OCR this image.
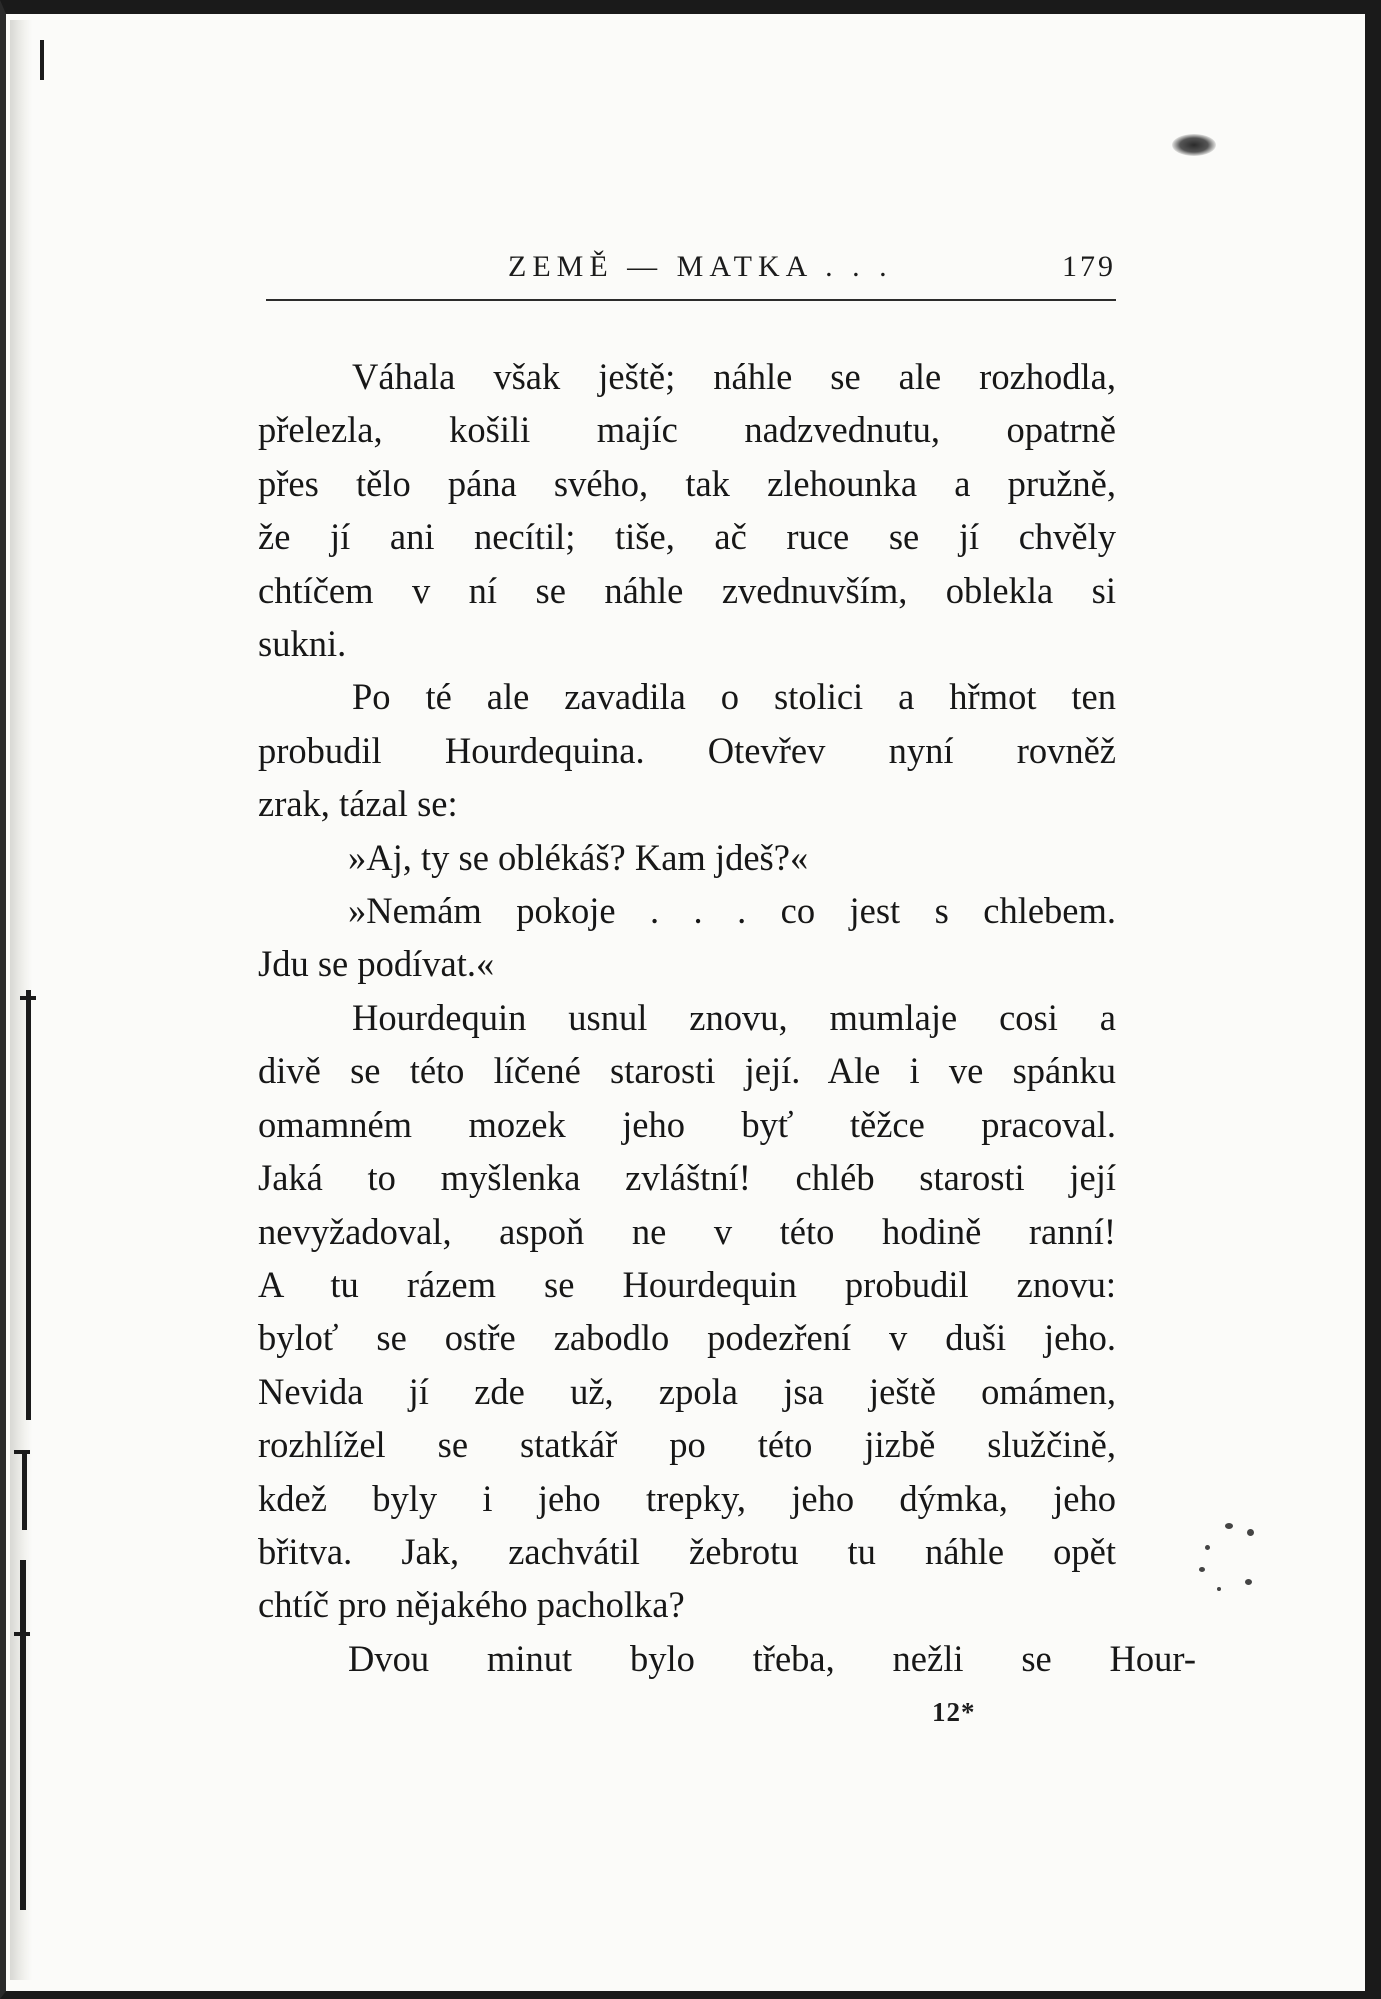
ZEMĚ — MATKA . . .	179
Váhala však ještě; náhle se ale rozhodla,
přelezla, košili majíc nadzvednutu, opatrně
přes tělo pána svého, tak zlehounka a pružně,
že jí ani necítil; tiše, ač ruce se jí chvěly
chtíčem v ní se náhle zvednuvším, oblekla si
sukni.
Po té ale zavadila o stolici a hřmot ten
probudil Hourdequina. Otevřev nyní rovněž
zrak, tázal se:
»Aj, ty se oblékáš? Kam jdeš?«
»Nemám pokoje . . . co jest s chlebem.
Jdu se podívat.«
Hourdequin usnul znovu, mumlaje cosi a
divě se této líčené starosti její. Ale i ve spánku
omamném mozek jeho byť těžce pracoval.
Jaká to myšlenka zvláštní! chléb starosti její
nevyžadoval, aspoň ne v této hodině ranní!
A tu rázem se Hourdequin probudil znovu:
byloť se ostře zabodlo podezření v duši jeho.
Nevida jí zde už, zpola jsa ještě omámen,
rozhlížel se statkář po této jizbě služčině,
kdež byly i jeho trepky, jeho dýmka, jeho
břitva. Jak, zachvátil žebrotu tu náhle opět
chtíč pro nějakého pacholka?
Dvou minut bylo třeba, nežli se Hour-
12*
